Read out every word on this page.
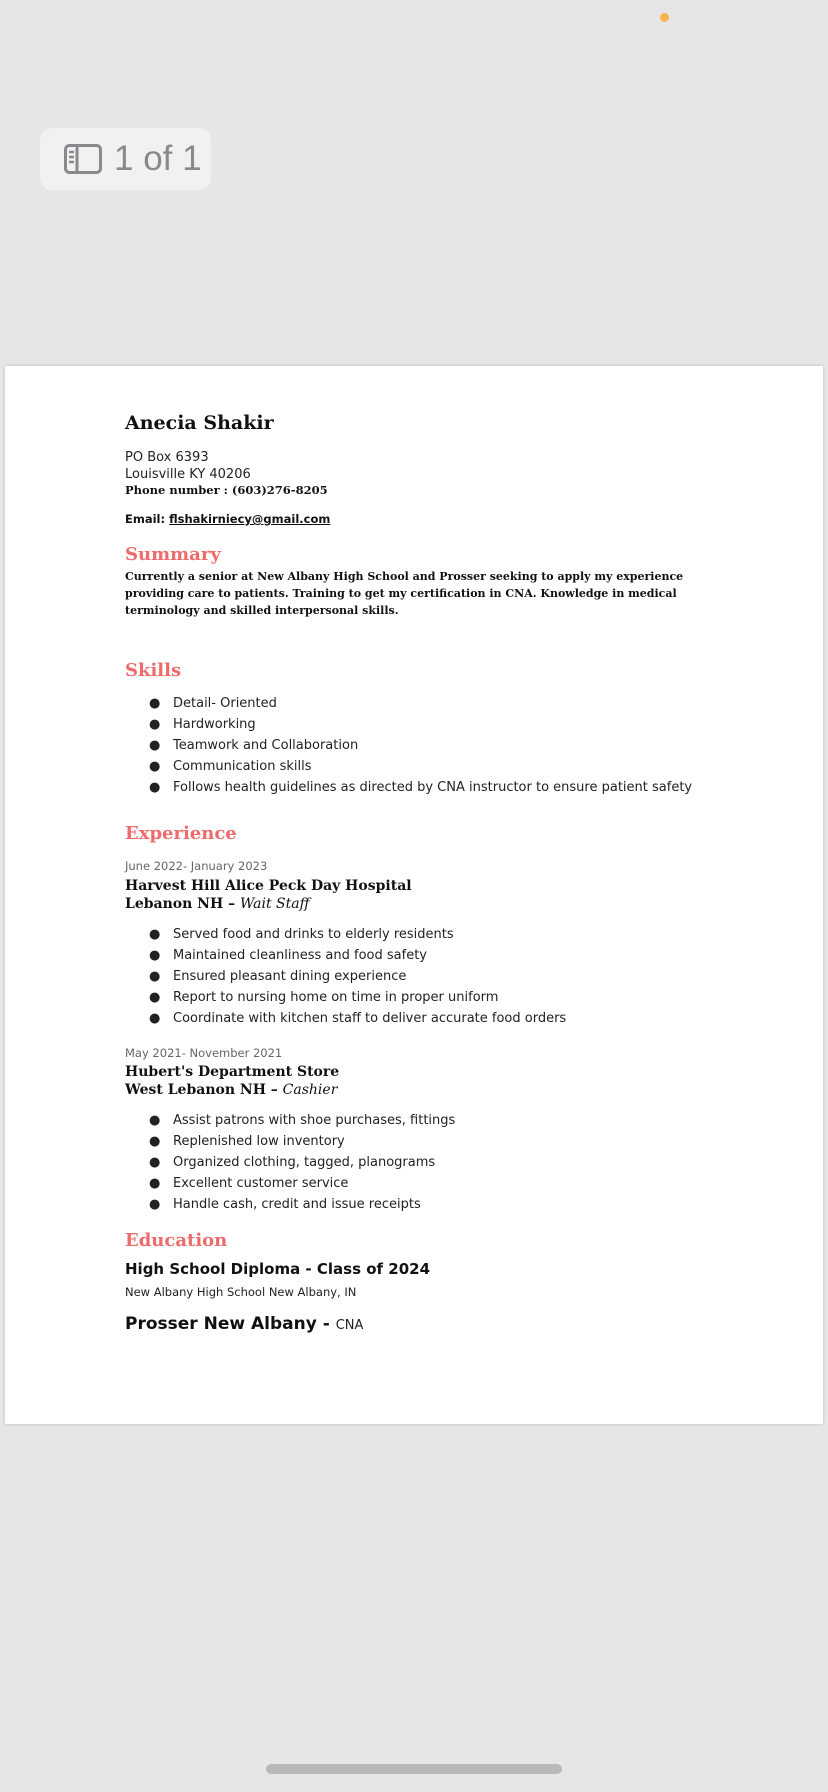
1 of 1
Anecia Shakir
PO Box 6393
Louisville KY 40206
Phone number : (603)276-8205
Email: flshakirniecy@gmail.com
Summary
Currently a senior at New Albany High School and Prosser seeking to apply my experience providing care to patients. Training to get my certification in CNA. Knowledge in medical terminology and skilled interpersonal skills.
Skills
● Detail- Oriented
● Hardworking
● Teamwork and Collaboration
● Communication skills
● Follows health guidelines as directed by CNA instructor to ensure patient safety
Experience
June 2022- January 2023
Harvest Hill Alice Peck Day Hospital
Lebanon NH – Wait Staff
● Served food and drinks to elderly residents
● Maintained cleanliness and food safety
● Ensured pleasant dining experience
● Report to nursing home on time in proper uniform
● Coordinate with kitchen staff to deliver accurate food orders
May 2021- November 2021
Hubert's Department Store
West Lebanon NH – Cashier
● Assist patrons with shoe purchases, fittings
● Replenished low inventory
● Organized clothing, tagged, planograms
● Excellent customer service
● Handle cash, credit and issue receipts
Education
High School Diploma - Class of 2024
New Albany High School New Albany, IN
Prosser New Albany - CNA
